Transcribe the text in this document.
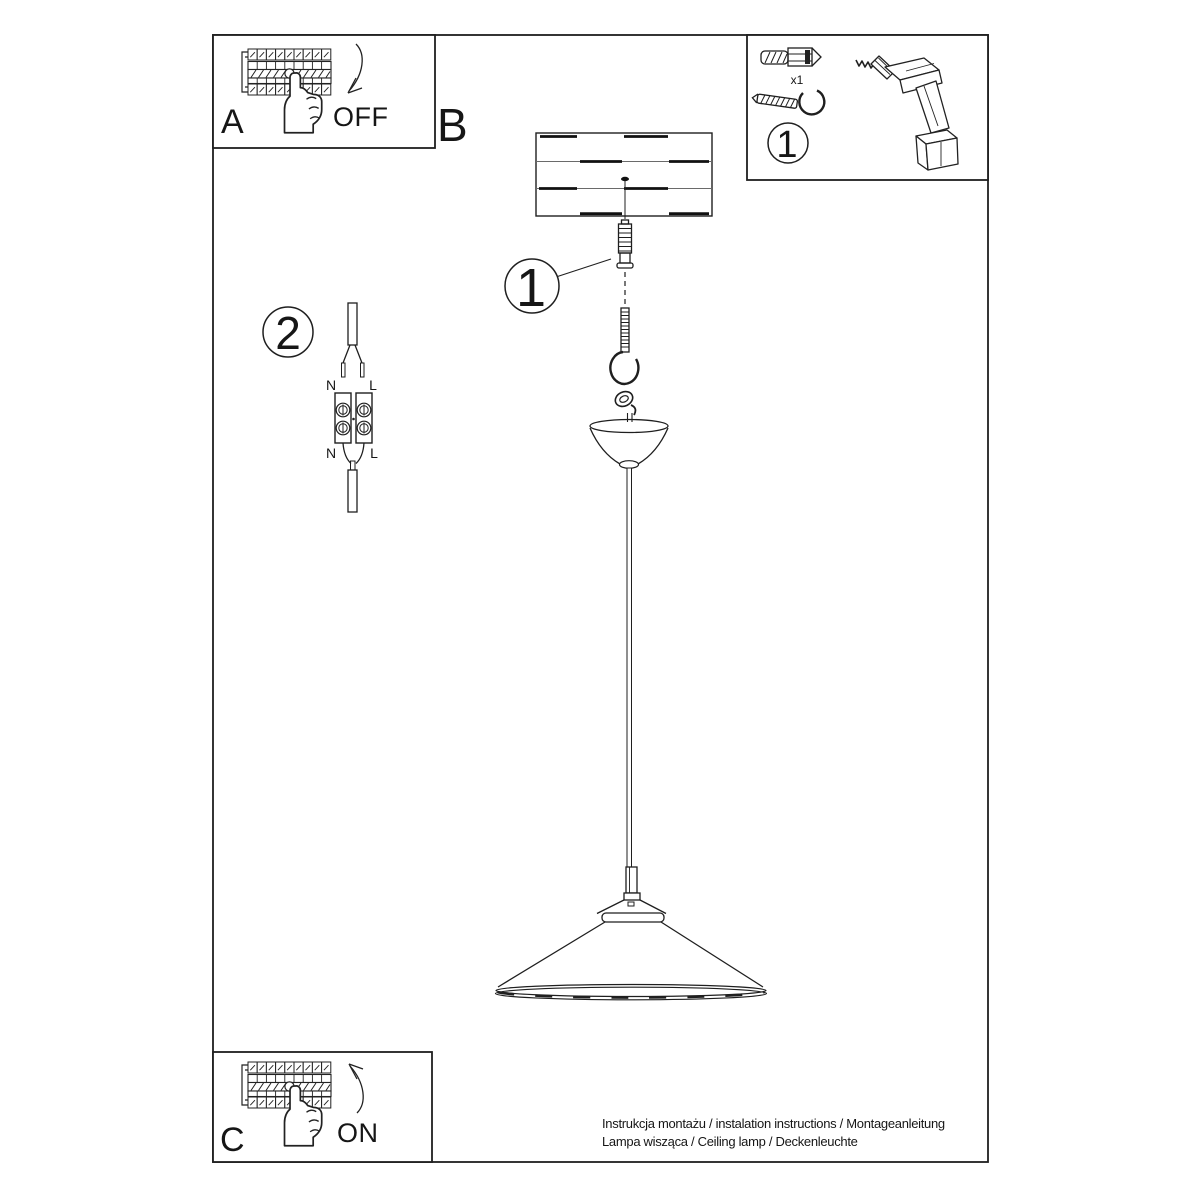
B
1
A	OFF
x1
1
2
N L
N L
C	ON	Instrukcja montażu / instalation instructions / Montageanleitung
Lampa wisząca / Ceiling lamp / Deckenleuchte
